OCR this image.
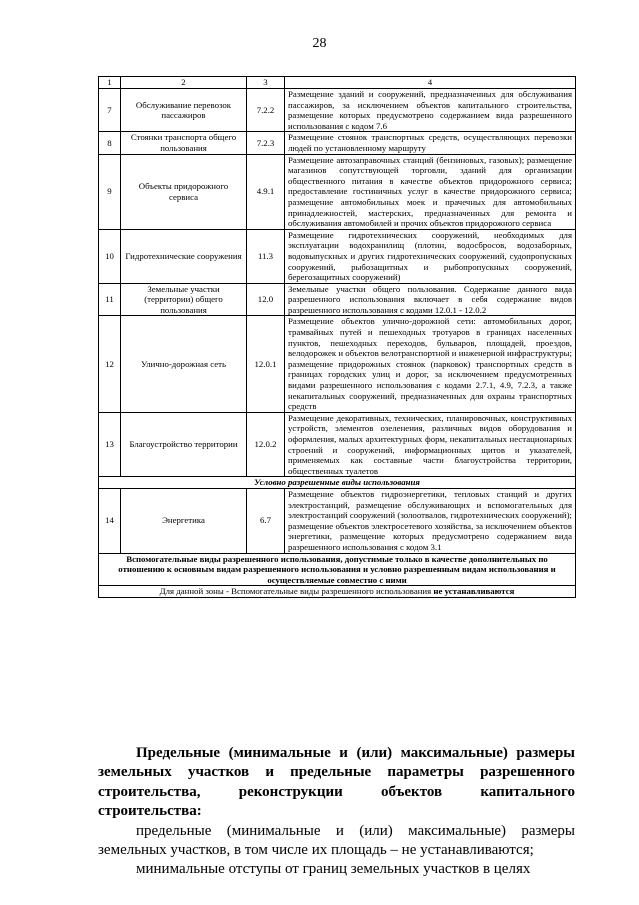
28
1	2	3	4
7	Обслуживание перевозок пассажиров	7.2.2	Размещение зданий и сооружений, предназначенных для обслуживания пассажиров, за исключением объектов капитального строительства, размещение которых предусмотрено содержанием вида разрешенного использования с кодом 7.6
8	Стоянки транспорта общего пользования	7.2.3	Размещение стоянок транспортных средств, осуществляющих перевозки людей по установленному маршруту
9	Объекты придорожного сервиса	4.9.1	Размещение автозаправочных станций (бензиновых, газовых); размещение магазинов сопутствующей торговли, зданий для организации общественного питания в качестве объектов придорожного сервиса; предоставление гостиничных услуг в качестве придорожного сервиса; размещение автомобильных моек и прачечных для автомобильных принадлежностей, мастерских, предназначенных для ремонта и обслуживания автомобилей и прочих объектов придорожного сервиса
10	Гидротехнические сооружения	11.3	Размещение гидротехнических сооружений, необходимых для эксплуатации водохранилищ (плотин, водосбросов, водозаборных, водовыпускных и других гидротехнических сооружений, судопропускных сооружений, рыбозащитных и рыбопропускных сооружений, берегозащитных сооружений)
11	Земельные участки (территории) общего пользования	12.0	Земельные участки общего пользования. Содержание данного вида разрешенного использования включает в себя содержание видов разрешенного использования с кодами 12.0.1 - 12.0.2
12	Улично-дорожная сеть	12.0.1	Размещение объектов улично-дорожной сети: автомобильных дорог, трамвайных путей и пешеходных тротуаров в границах населенных пунктов, пешеходных переходов, бульваров, площадей, проездов, велодорожек и объектов велотранспортной и инженерной инфраструктуры; размещение придорожных стоянок (парковок) транспортных средств в границах городских улиц и дорог, за исключением предусмотренных видами разрешенного использования с кодами 2.7.1, 4.9, 7.2.3, а также некапитальных сооружений, предназначенных для охраны транспортных средств
13	Благоустройство территории	12.0.2	Размещение декоративных, технических, планировочных, конструктивных устройств, элементов озеленения, различных видов оборудования и оформления, малых архитектурных форм, некапитальных нестационарных строений и сооружений, информационных щитов и указателей, применяемых как составные части благоустройства территории, общественных туалетов
Условно разрешенные виды использования			
14	Энергетика	6.7	Размещение объектов гидроэнергетики, тепловых станций и других электростанций, размещение обслуживающих и вспомогательных для электростанций сооружений (золоотвалов, гидротехнических сооружений); размещение объектов электросетевого хозяйства, за исключением объектов энергетики, размещение которых предусмотрено содержанием вида разрешенного использования с кодом 3.1
Вспомогательные виды разрешенного использования, допустимые только в качестве дополнительных по отношению к основным видам разрешенного использования и условно разрешенным видам использования и осуществляемые совместно с ними			
Для данной зоны - Вспомогательные виды разрешенного использования не устанавливаются			

Предельные (минимальные и (или) максимальные) размеры земельных участков и предельные параметры разрешенного строительства, реконструкции объектов капитального строительства:

предельные (минимальные и (или) максимальные) размеры земельных участков, в том числе их площадь – не устанавливаются;

минимальные отступы от границ земельных участков в целях
